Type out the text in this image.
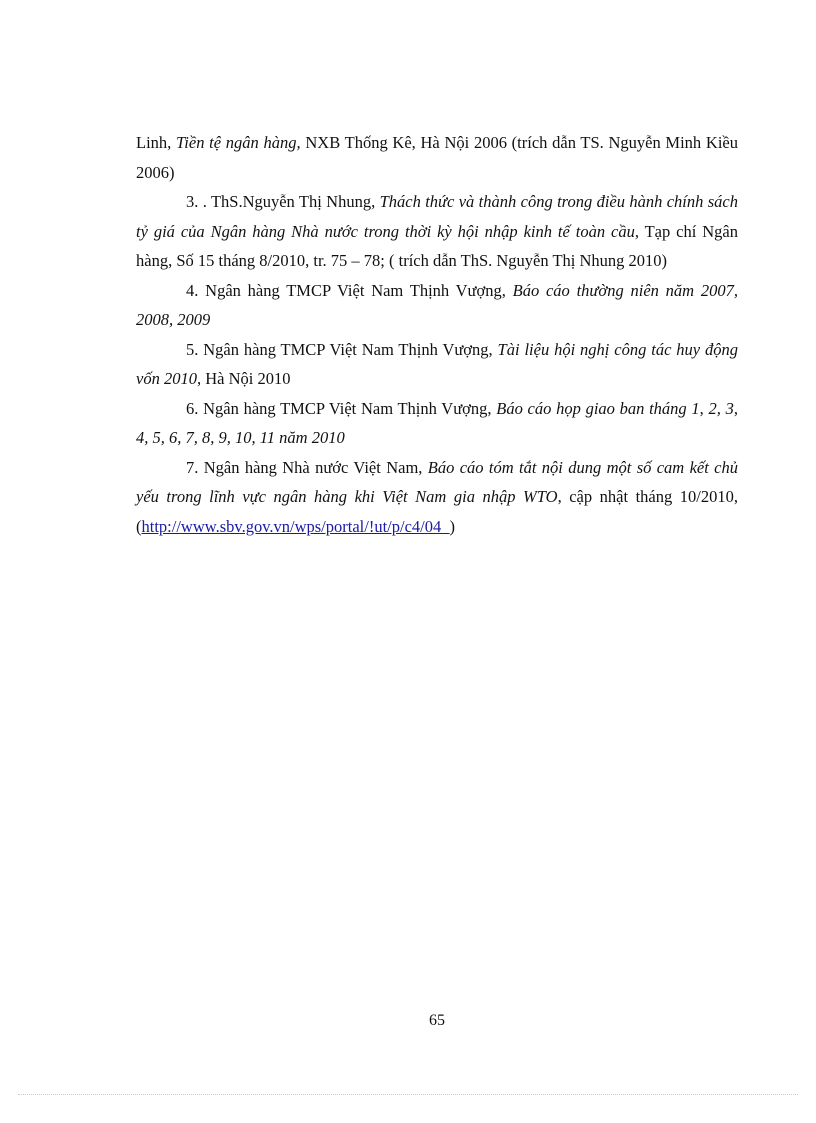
Linh, Tiền tệ ngân hàng, NXB Thống Kê, Hà Nội 2006 (trích dẫn TS. Nguyễn Minh Kiều 2006)

3. . ThS.Nguyễn Thị Nhung, Thách thức và thành công trong điều hành chính sách tỷ giá của Ngân hàng Nhà nước trong thời kỳ hội nhập kinh tế toàn cầu, Tạp chí Ngân hàng, Số 15 tháng 8/2010, tr. 75 – 78; ( trích dẫn ThS. Nguyễn Thị Nhung 2010)

4. Ngân hàng TMCP Việt Nam Thịnh Vượng, Báo cáo thường niên năm 2007, 2008, 2009

5. Ngân hàng TMCP Việt Nam Thịnh Vượng, Tài liệu hội nghị công tác huy động vốn 2010, Hà Nội 2010

6. Ngân hàng TMCP Việt Nam Thịnh Vượng, Báo cáo họp giao ban tháng 1, 2, 3, 4, 5, 6, 7, 8, 9, 10, 11 năm 2010

7. Ngân hàng Nhà nước Việt Nam, Báo cáo tóm tắt nội dung một số cam kết chủ yếu trong lĩnh vực ngân hàng khi Việt Nam gia nhập WTO, cập nhật tháng 10/2010, (http://www.sbv.gov.vn/wps/portal/!ut/p/c4/04_)

65
